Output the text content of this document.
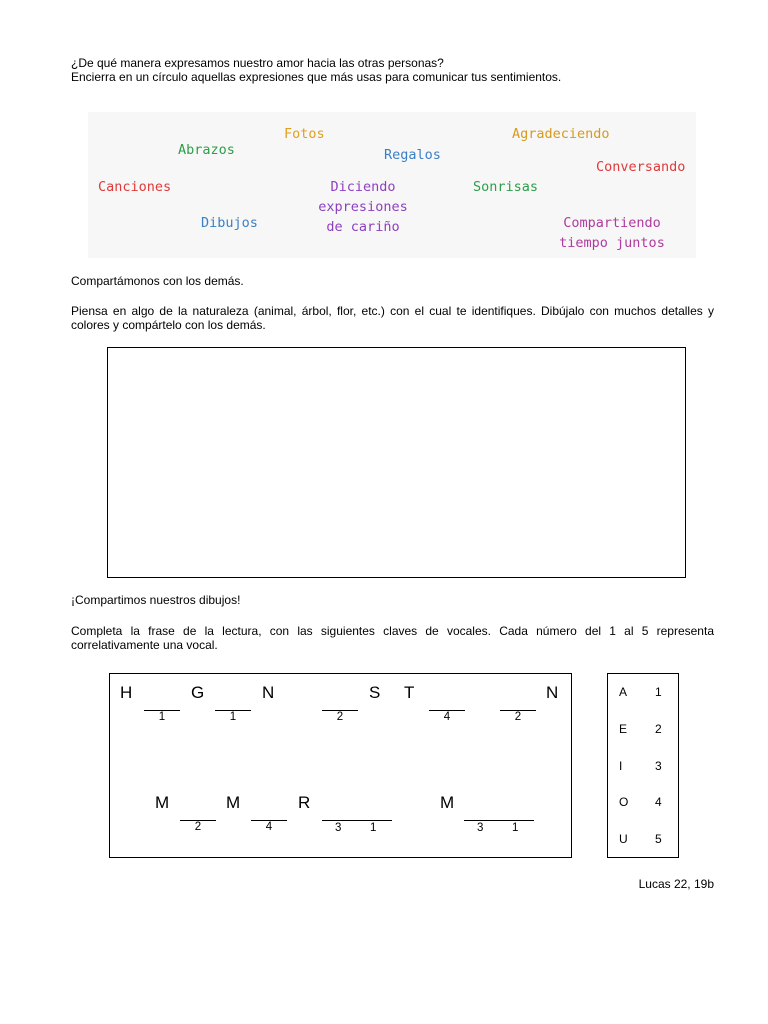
¿De qué manera expresamos nuestro amor hacia las otras personas?

Encierra en un círculo aquellas expresiones que más usas para comunicar tus sentimientos.

Fotos	Agradeciendo
Abrazos	Regalos
Conversando
Canciones	Diciendo
expresiones
de cariño
Sonrisas
Dibujos	Compartiendo
tiempo juntos

Compartámonos con los demás.

Piensa en algo de la naturaleza (animal, árbol, flor, etc.) con el cual te identifiques. Dibújalo con muchos detalles y colores y compártelo con los demás.

¡Compartimos nuestros dibujos!

Completa la frase de la lectura, con las siguientes claves de vocales. Cada número del 1 al 5 representa correlativamente una vocal.

H	G	N	S T	N
1	1	2	4	2
M	M	R	M
2	4	3 1	3 1
A 1
E 2
I	3
O 4
U 5
Lucas 22, 19b
